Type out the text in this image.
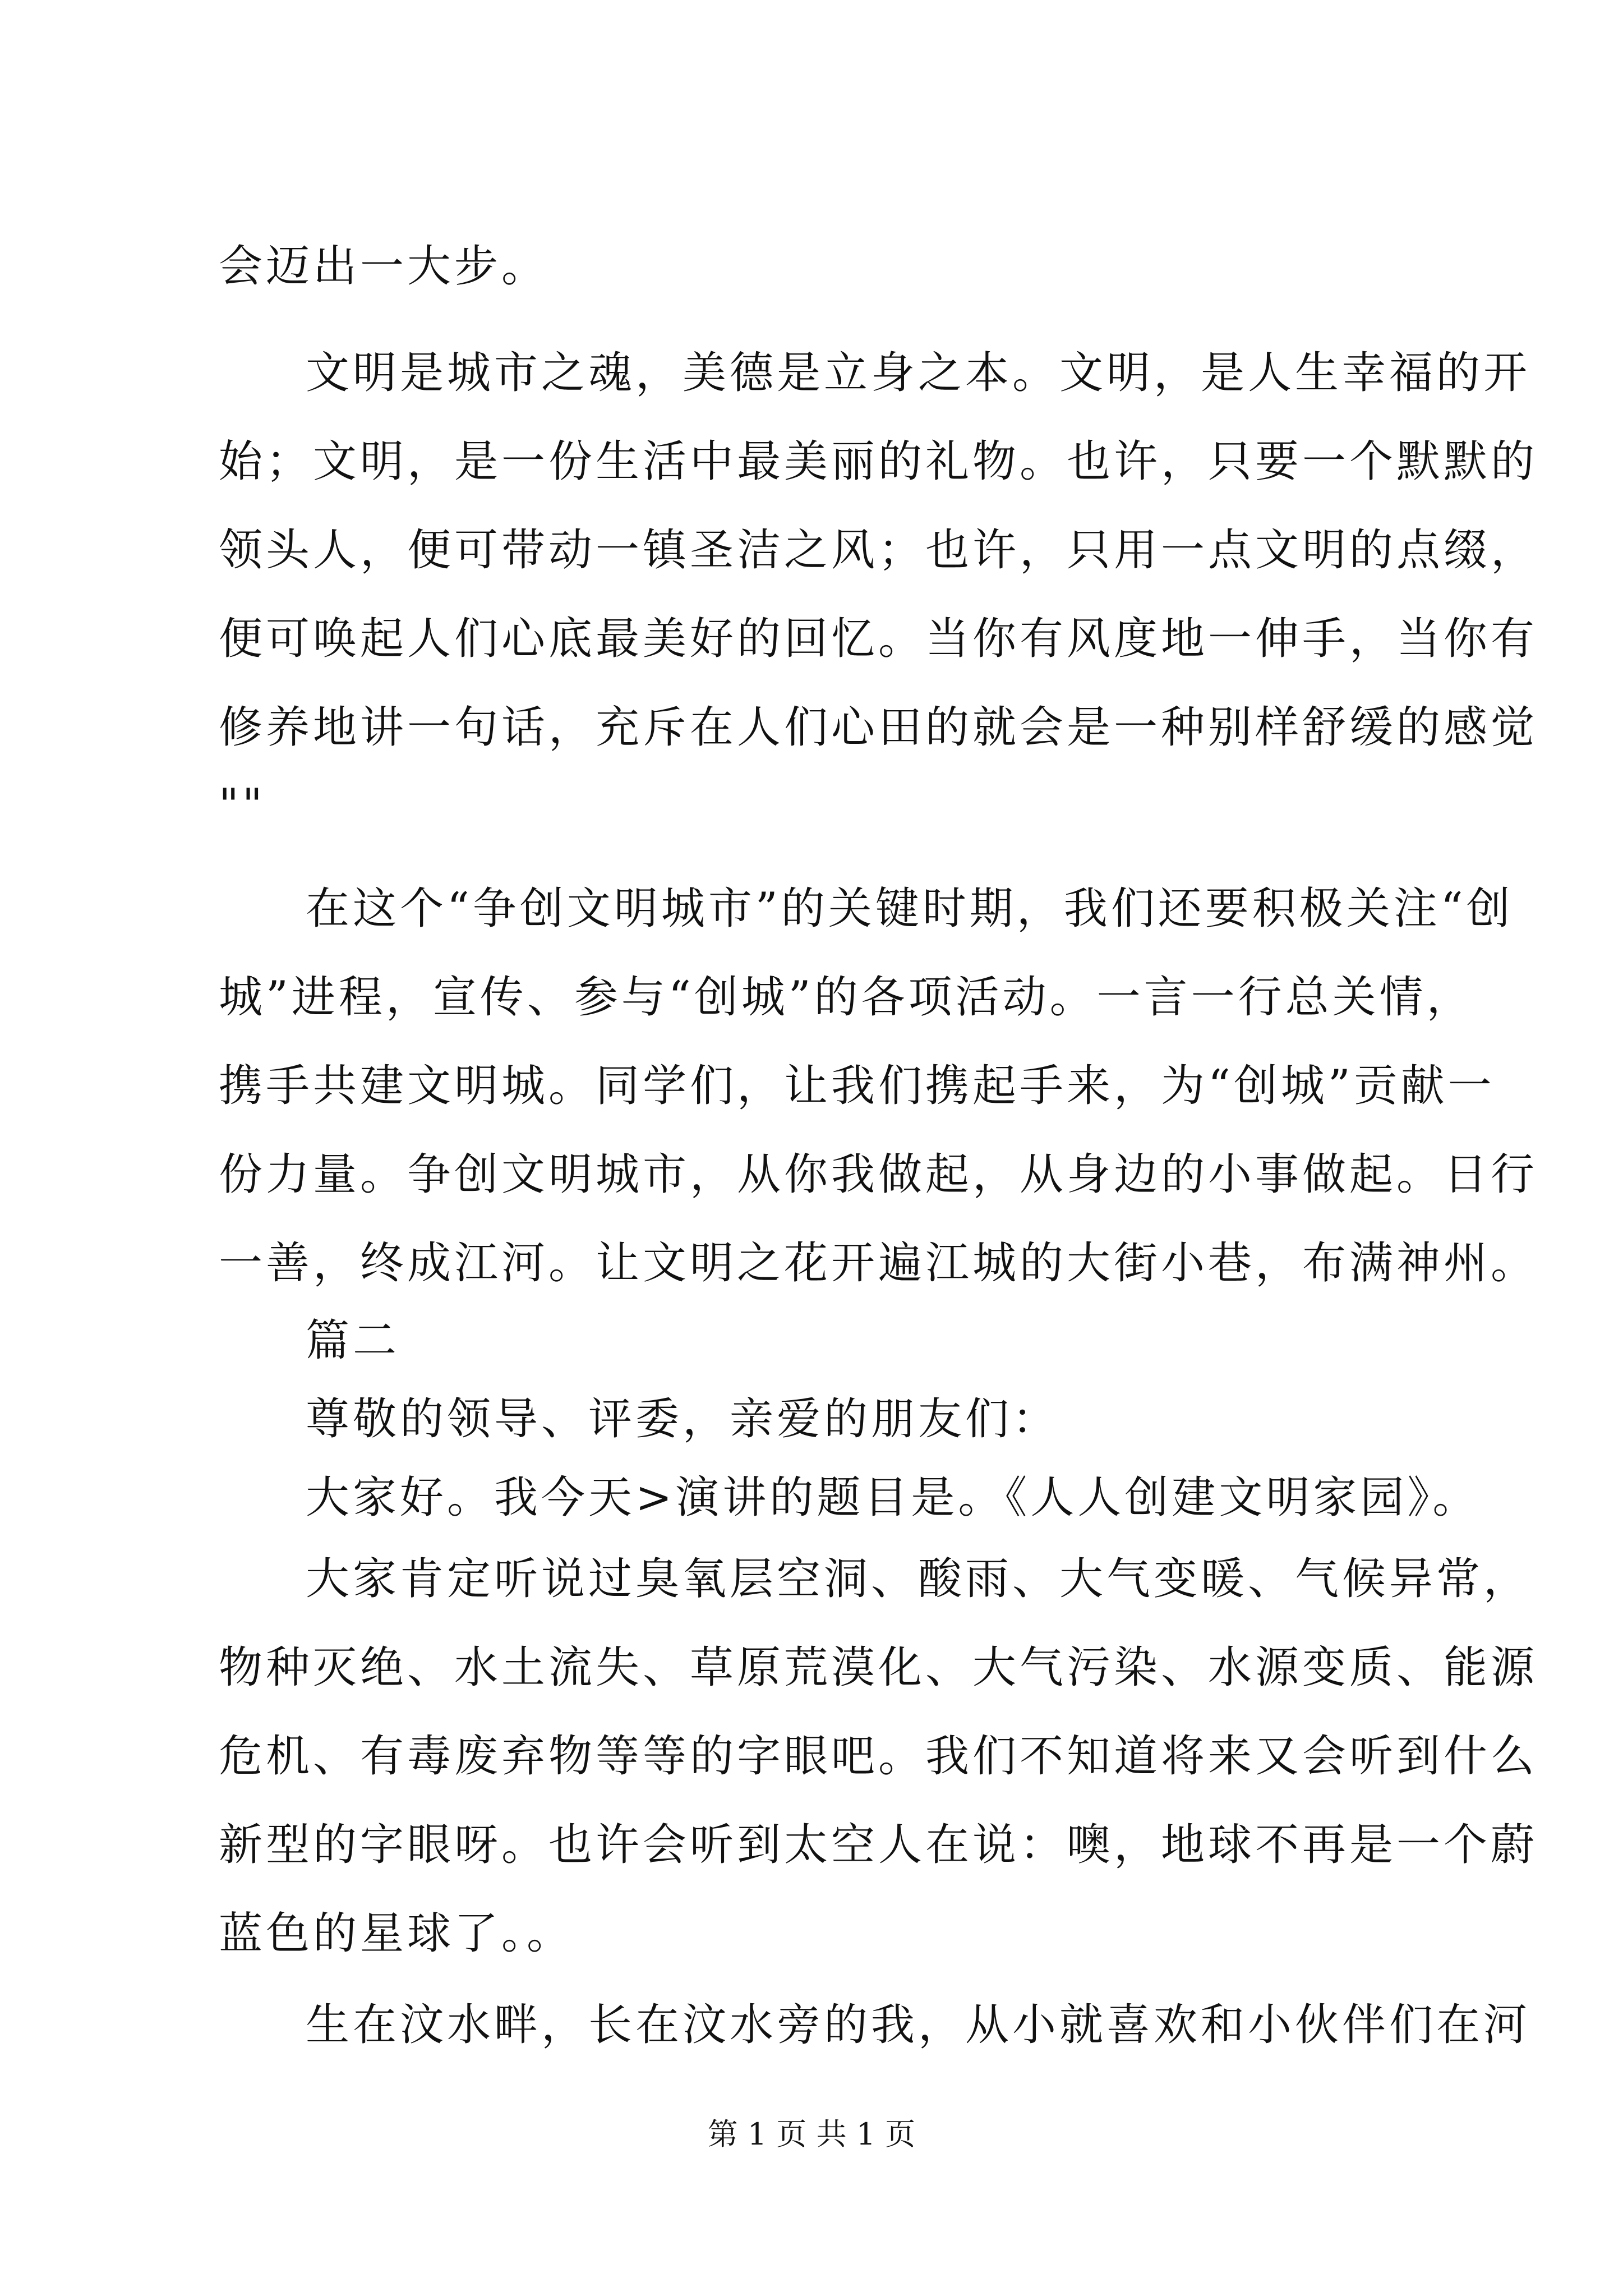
会迈出一大步。
文明是城市之魂，美德是立身之本。文明，是人生幸福的开
始；文明，是一份生活中最美丽的礼物。也许，只要一个默默的
领头人，便可带动一镇圣洁之风；也许，只用一点文明的点缀，
便可唤起人们心底最美好的回忆。当你有风度地一伸手，当你有
修养地讲一句话，充斥在人们心田的就会是一种别样舒缓的感觉
""
在这个“争创文明城市”的关键时期，我们还要积极关注“创
城”进程，宣传、参与“创城”的各项活动。一言一行总关情，
携手共建文明城。同学们，让我们携起手来，为“创城”贡献一
份力量。争创文明城市，从你我做起，从身边的小事做起。日行
一善，终成江河。让文明之花开遍江城的大街小巷，布满神州。
篇二
尊敬的领导、评委，亲爱的朋友们：
大家好。我今天>演讲的题目是。《人人创建文明家园》。
大家肯定听说过臭氧层空洞、酸雨、大气变暖、气候异常，
物种灭绝、水土流失、草原荒漠化、大气污染、水源变质、能源
危机、有毒废弃物等等的字眼吧。我们不知道将来又会听到什么
新型的字眼呀。也许会听到太空人在说：噢，地球不再是一个蔚
蓝色的星球了。。
生在汶水畔，长在汶水旁的我，从小就喜欢和小伙伴们在河
第 1 页 共 1 页
